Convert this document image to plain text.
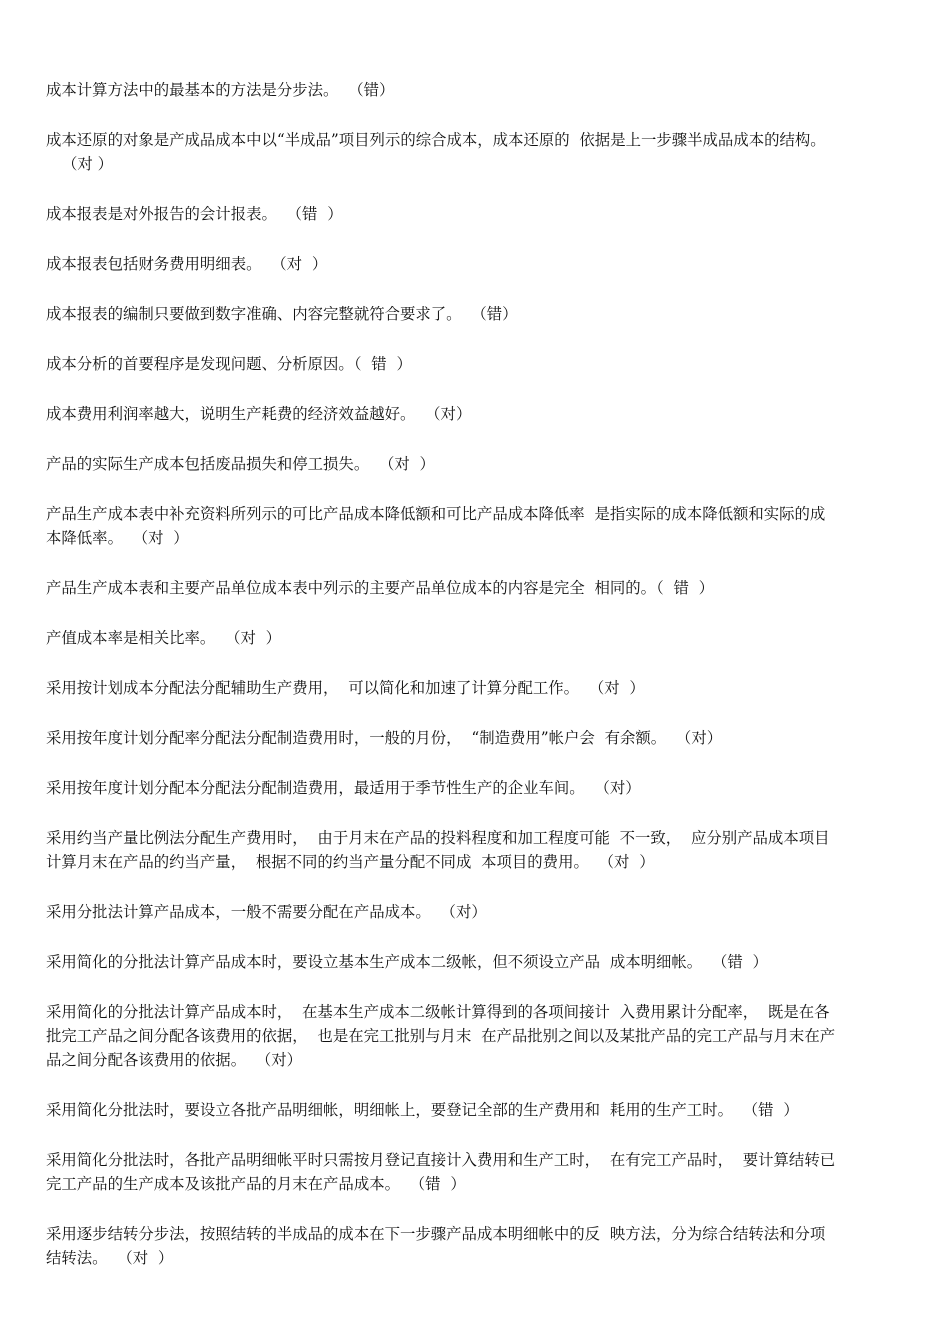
成本计算方法中的最基本的方法是分步法。  （错）
成本还原的对象是产成品成本中以“半成品”项目列示的综合成本，成本还原的  依据是上一步骤半成品成本的结构。
（对 ）
成本报表是对外报告的会计报表。  （错  ）
成本报表包括财务费用明细表。  （对  ）
成本报表的编制只要做到数字准确、内容完整就符合要求了。  （错）
成本分析的首要程序是发现问题、分析原因。（  错  ）
成本费用利润率越大，说明生产耗费的经济效益越好。  （对）
产品的实际生产成本包括废品损失和停工损失。  （对  ）
产品生产成本表中补充资料所列示的可比产品成本降低额和可比产品成本降低率  是指实际的成本降低额和实际的成
本降低率。  （对  ）
产品生产成本表和主要产品单位成本表中列示的主要产品单位成本的内容是完全  相同的。（  错  ）
产值成本率是相关比率。  （对  ）
采用按计划成本分配法分配辅助生产费用，  可以简化和加速了计算分配工作。  （对  ）
采用按年度计划分配率分配法分配制造费用时，一般的月份，  “制造费用”帐户会  有余额。  （对）
采用按年度计划分配本分配法分配制造费用，最适用于季节性生产的企业车间。  （对）
采用约当产量比例法分配生产费用时，  由于月末在产品的投料程度和加工程度可能  不一致，  应分别产品成本项目
计算月末在产品的约当产量，  根据不同的约当产量分配不同成  本项目的费用。  （对  ）
采用分批法计算产品成本，一般不需要分配在产品成本。  （对）
采用简化的分批法计算产品成本时，要设立基本生产成本二级帐，但不须设立产品  成本明细帐。  （错  ）
采用简化的分批法计算产品成本时，  在基本生产成本二级帐计算得到的各项间接计  入费用累计分配率，  既是在各
批完工产品之间分配各该费用的依据，  也是在完工批别与月末  在产品批别之间以及某批产品的完工产品与月末在产
品之间分配各该费用的依据。  （对）
采用简化分批法时，要设立各批产品明细帐，明细帐上，要登记全部的生产费用和  耗用的生产工时。  （错  ）
采用简化分批法时，各批产品明细帐平时只需按月登记直接计入费用和生产工时，  在有完工产品时，  要计算结转已
完工产品的生产成本及该批产品的月末在产品成本。  （错  ）
采用逐步结转分步法，按照结转的半成品的成本在下一步骤产品成本明细帐中的反  映方法，分为综合结转法和分项
结转法。  （对  ）
